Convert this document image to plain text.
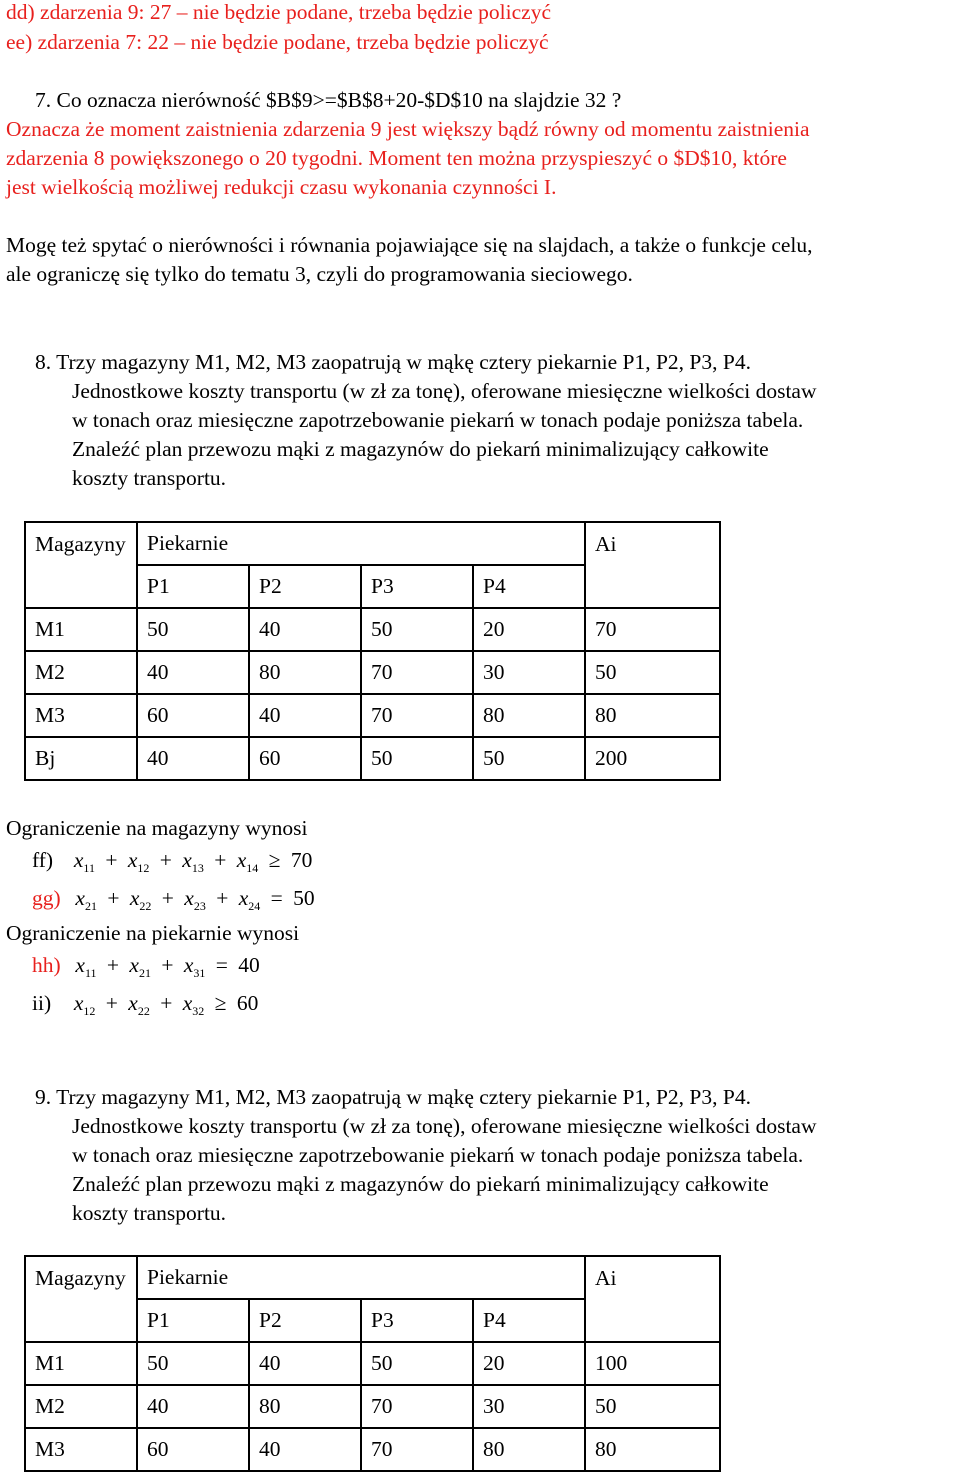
dd) zdarzenia 9: 27 – nie będzie podane, trzeba będzie policzyć
ee) zdarzenia 7: 22 – nie będzie podane, trzeba będzie policzyć
7. Co oznacza nierówność $B$9>=$B$8+20-$D$10 na slajdzie 32 ?
Oznacza że moment zaistnienia zdarzenia 9 jest większy bądź równy od momentu zaistnienia
zdarzenia 8 powiększonego o 20 tygodni. Moment ten można przyspieszyć o $D$10, które
jest wielkością możliwej redukcji czasu wykonania czynności I.
Mogę też spytać o nierówności i równania pojawiające się na slajdach, a także o funkcje celu,
ale ograniczę się tylko do tematu 3, czyli do programowania sieciowego.
8. Trzy magazyny M1, M2, M3 zaopatrują w mąkę cztery piekarnie P1, P2, P3, P4.
Jednostkowe koszty transportu (w zł za tonę), oferowane miesięczne wielkości dostaw
w tonach oraz miesięczne zapotrzebowanie piekarń w tonach podaje poniższa tabela.
Znaleźć plan przewozu mąki z magazynów do piekarń minimalizujący całkowite
koszty transportu.
Magazyny	Piekarnie				Ai
	P1	P2	P3	P4	
M1	50	40	50	20	70
M2	40	80	70	30	50
M3	60	40	70	80	80
Bj	40	60	50	50	200
Ograniczenie na magazyny wynosi
ff) $x_{11} + x_{12} + x_{13} + x_{14} \ge 70$
gg) $x_{21} + x_{22} + x_{23} + x_{24} = 50$
Ograniczenie na piekarnie wynosi
hh) $x_{11} + x_{21} + x_{31} = 40$
ii) $x_{12} + x_{22} + x_{32} \ge 60$
9. Trzy magazyny M1, M2, M3 zaopatrują w mąkę cztery piekarnie P1, P2, P3, P4.
Jednostkowe koszty transportu (w zł za tonę), oferowane miesięczne wielkości dostaw
w tonach oraz miesięczne zapotrzebowanie piekarń w tonach podaje poniższa tabela.
Znaleźć plan przewozu mąki z magazynów do piekarń minimalizujący całkowite
koszty transportu.
Magazyny	Piekarnie				Ai
	P1	P2	P3	P4	
M1	50	40	50	20	100
M2	40	80	70	30	50
M3	60	40	70	80	80
